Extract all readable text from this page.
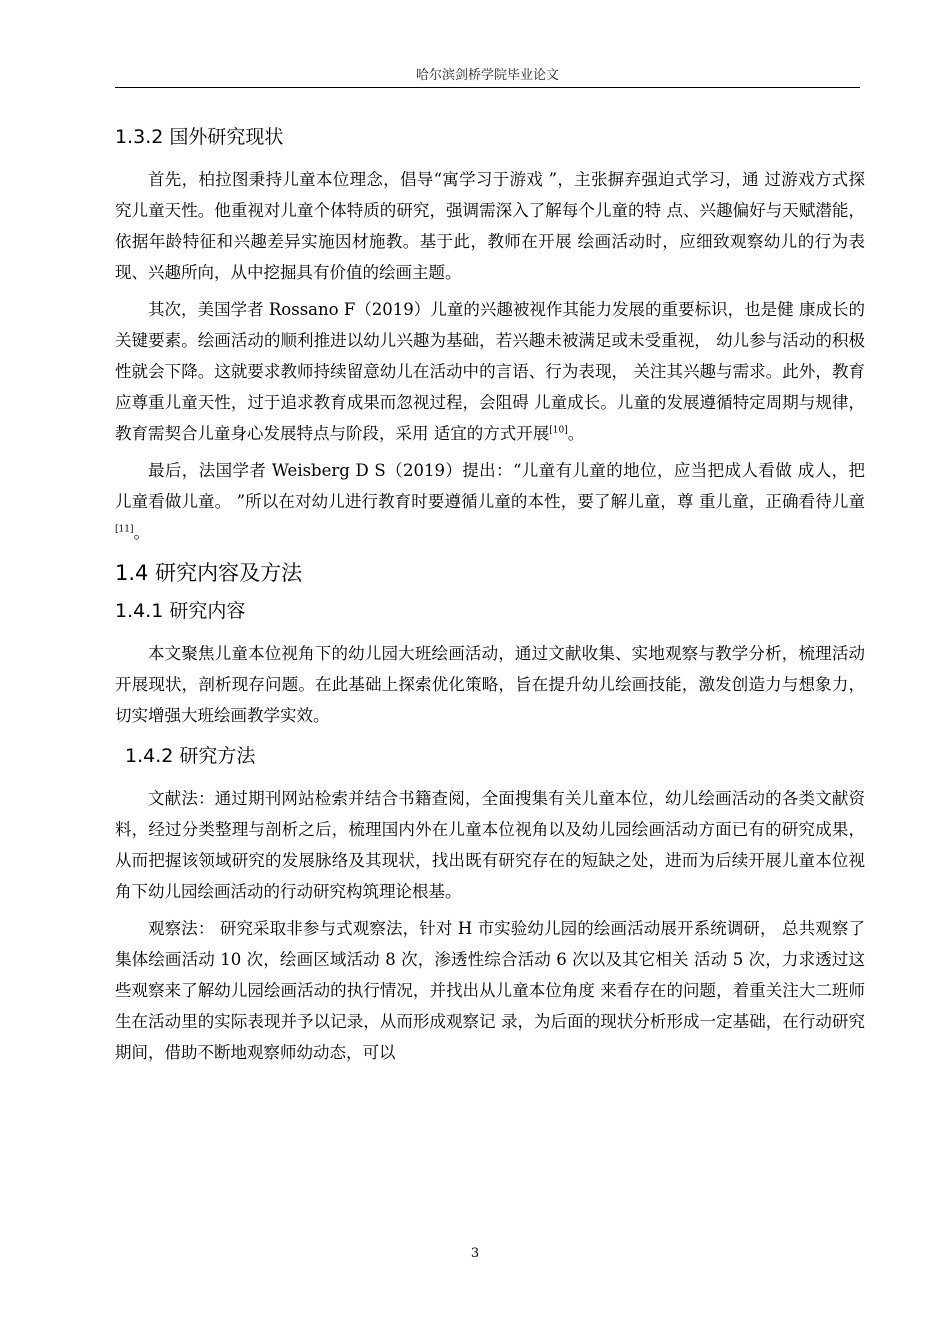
哈尔滨剑桥学院毕业论文
1.3.2 国外研究现状

首先，柏拉图秉持儿童本位理念，倡导“寓学习于游戏 ”，主张摒弃强迫式学习，通 过游戏方式探究儿童天性。他重视对儿童个体特质的研究，强调需深入了解每个儿童的特 点、兴趣偏好与天赋潜能，依据年龄特征和兴趣差异实施因材施教。基于此，教师在开展 绘画活动时，应细致观察幼儿的行为表现、兴趣所向，从中挖掘具有价值的绘画主题。

其次，美国学者 Rossano F（2019）儿童的兴趣被视作其能力发展的重要标识，也是健 康成长的关键要素。绘画活动的顺利推进以幼儿兴趣为基础，若兴趣未被满足或未受重视， 幼儿参与活动的积极性就会下降。这就要求教师持续留意幼儿在活动中的言语、行为表现， 关注其兴趣与需求。此外，教育应尊重儿童天性，过于追求教育成果而忽视过程，会阻碍 儿童成长。儿童的发展遵循特定周期与规律，教育需契合儿童身心发展特点与阶段，采用 适宜的方式开展[10]。

最后，法国学者 Weisberg D S（2019）提出：“儿童有儿童的地位，应当把成人看做 成人，把儿童看做儿童。 ”所以在对幼儿进行教育时要遵循儿童的本性，要了解儿童，尊 重儿童，正确看待儿童[11]。

1.4 研究内容及方法
1.4.1 研究内容

本文聚焦儿童本位视角下的幼儿园大班绘画活动，通过文献收集、实地观察与教学分析，梳理活动开展现状，剖析现存问题。在此基础上探索优化策略，旨在提升幼儿绘画技能，激发创造力与想象力，切实增强大班绘画教学实效。

1.4.2 研究方法

文献法：通过期刊网站检索并结合书籍查阅，全面搜集有关儿童本位，幼儿绘画活动的各类文献资料，经过分类整理与剖析之后，梳理国内外在儿童本位视角以及幼儿园绘画活动方面已有的研究成果，从而把握该领域研究的发展脉络及其现状，找出既有研究存在的短缺之处，进而为后续开展儿童本位视角下幼儿园绘画活动的行动研究构筑理论根基。

观察法： 研究采取非参与式观察法，针对 H 市实验幼儿园的绘画活动展开系统调研， 总共观察了集体绘画活动 10 次，绘画区域活动 8 次，渗透性综合活动 6 次以及其它相关 活动 5 次，力求透过这些观察来了解幼儿园绘画活动的执行情况，并找出从儿童本位角度 来看存在的问题，着重关注大二班师生在活动里的实际表现并予以记录，从而形成观察记 录，为后面的现状分析形成一定基础，在行动研究期间，借助不断地观察师幼动态，可以

3
